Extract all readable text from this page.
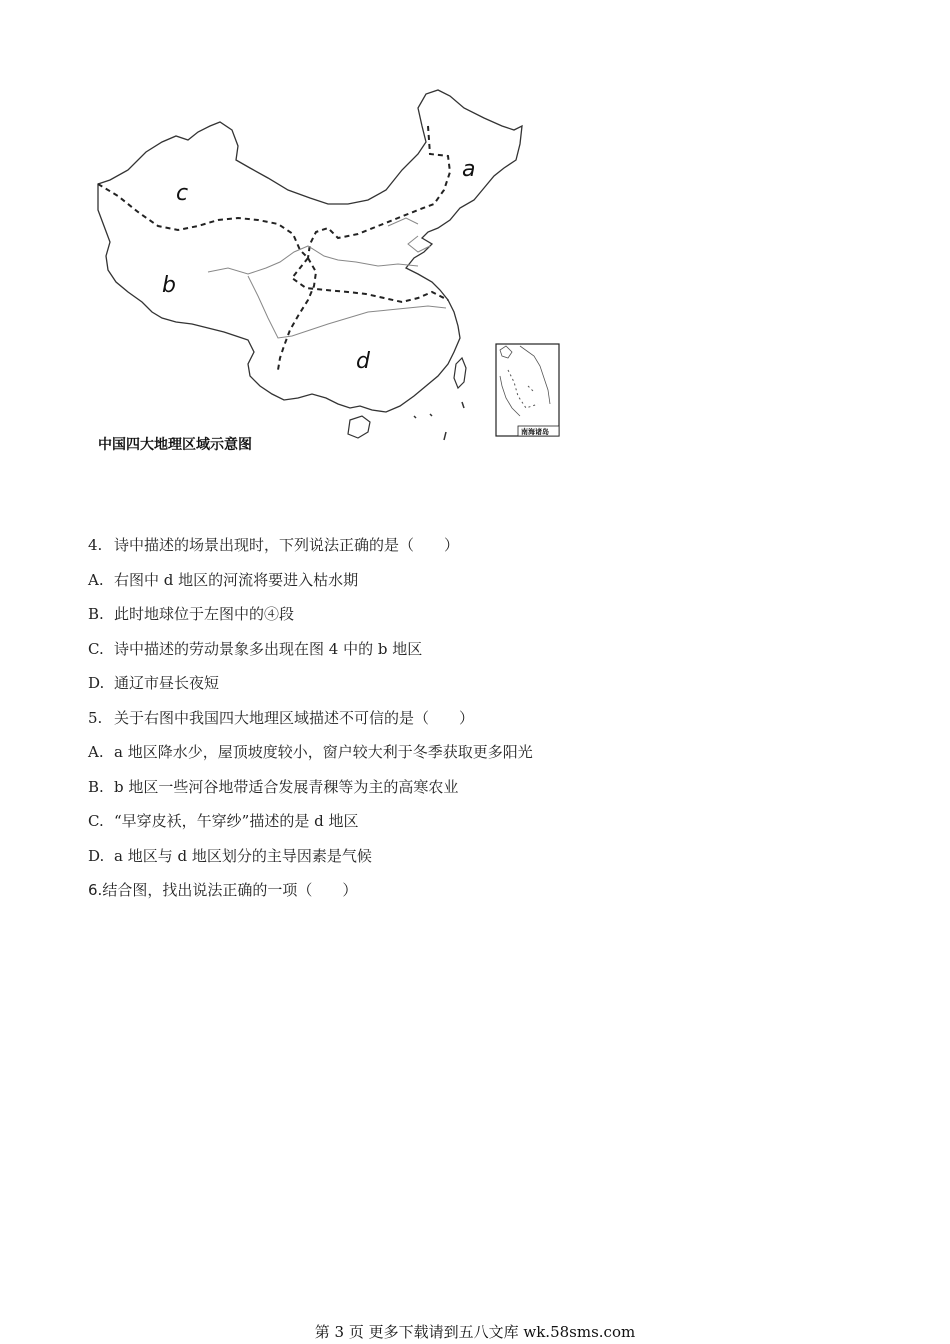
a
b
c
d
南海诸岛
中国四大地理区域示意图
4. 诗中描述的场景出现时，下列说法正确的是（　　）
A. 右图中 d 地区的河流将要进入枯水期
B. 此时地球位于左图中的④段
C. 诗中描述的劳动景象多出现在图 4 中的 b 地区
D. 通辽市昼长夜短
5. 关于右图中我国四大地理区域描述不可信的是（　　）
A. a 地区降水少，屋顶坡度较小，窗户较大利于冬季获取更多阳光
B. b 地区一些河谷地带适合发展青稞等为主的高寒农业
C. “早穿皮袄，午穿纱”描述的是 d 地区
D. a 地区与 d 地区划分的主导因素是气候
6.结合图，找出说法正确的一项（　　）
第 3 页 更多下载请到五八文库 wk.58sms.com
